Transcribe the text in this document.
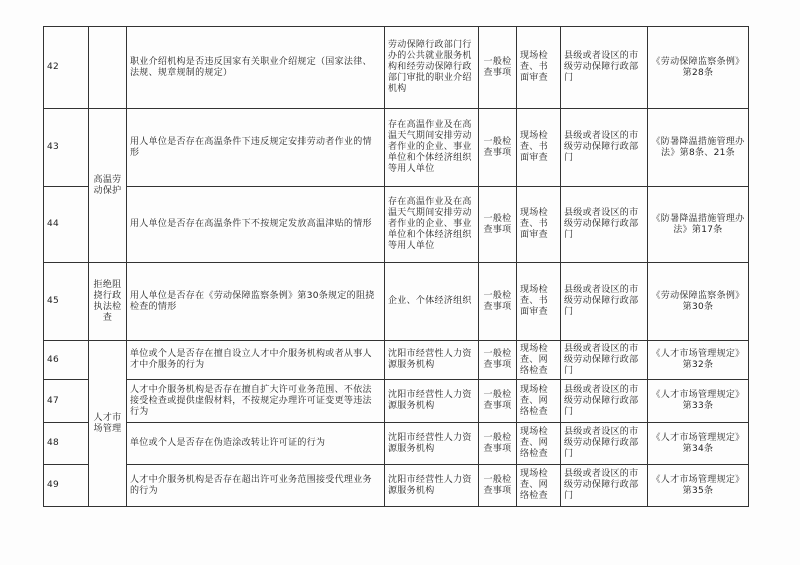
42		职业介绍机构是否违反国家有关职业介绍规定（国家法律、法规、规章规制的规定）	劳动保障行政部门行办的公共就业服务机构和经劳动保障行政部门审批的职业介绍机构	一般检查事项	现场检查、书面审查	县级或者设区的市级劳动保障行政部门	《劳动保障监察条例》第28条
43	高温劳动保护	用人单位是否存在高温条件下违反规定安排劳动者作业的情形	存在高温作业及在高温天气期间安排劳动者作业的企业、事业单位和个体经济组织等用人单位	一般检查事项	现场检查、书面审查	县级或者设区的市级劳动保障行政部门	《防暑降温措施管理办法》第8条、21条
44		用人单位是否存在高温条件下不按规定发放高温津贴的情形	存在高温作业及在高温天气期间安排劳动者作业的企业、事业单位和个体经济组织等用人单位	一般检查事项	现场检查、书面审查	县级或者设区的市级劳动保障行政部门	《防暑降温措施管理办法》第17条
45	拒绝阻挠行政执法检查	用人单位是否存在《劳动保障监察条例》第30条规定的阻挠检查的情形	企业、个体经济组织	一般检查事项	现场检查、书面审查	县级或者设区的市级劳动保障行政部门	《劳动保障监察条例》第30条
46	人才市场管理	单位或个人是否存在擅自设立人才中介服务机构或者从事人才中介服务的行为	沈阳市经营性人力资源服务机构	一般检查事项	现场检查、网络检查	县级或者设区的市级劳动保障行政部门	《人才市场管理规定》第32条
47		人才中介服务机构是否存在擅自扩大许可业务范围、不依法接受检查或提供虚假材料，不按规定办理许可证变更等违法行为	沈阳市经营性人力资源服务机构	一般检查事项	现场检查、网络检查	县级或者设区的市级劳动保障行政部门	《人才市场管理规定》第33条
48		单位或个人是否存在伪造涂改转让许可证的行为	沈阳市经营性人力资源服务机构	一般检查事项	现场检查、网络检查	县级或者设区的市级劳动保障行政部门	《人才市场管理规定》第34条
49		人才中介服务机构是否存在超出许可业务范围接受代理业务的行为	沈阳市经营性人力资源服务机构	一般检查事项	现场检查、网络检查	县级或者设区的市级劳动保障行政部门	《人才市场管理规定》第35条
